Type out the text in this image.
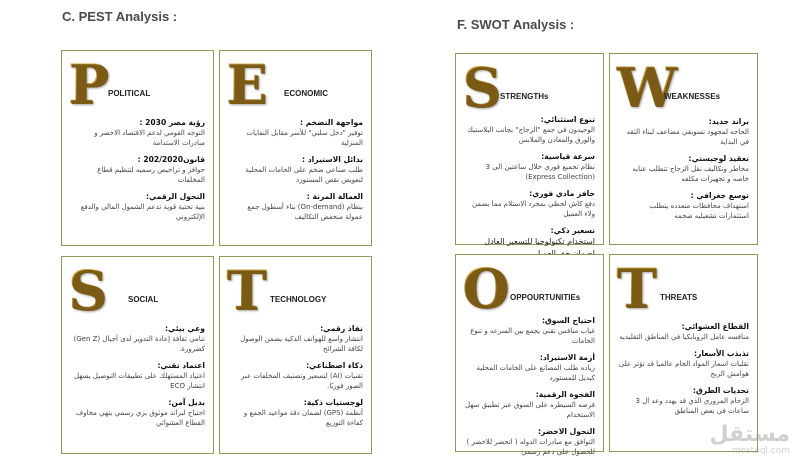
C. PEST Analysis :
F. SWOT Analysis :
P POLITICAL
رؤية مصر 2030 :
التوجه القومي لدعم الاقتصاد الاخضر و مبادرات الاستدامة
قانون202/2020 :
حوافز و تراخيص رسميه لتنظيم قطاع المخلفات
التحول الرقمي:
بنية تحتية قوية تدعم الشمول المالي والدفع الإلكتروني
E ECONOMIC
مواجهة التضخم :
توفير "دخل سلبي" للأسر مقابل النفايات المنزلية
بدائل الاستيراد :
طلب صناعي ضخم على الخامات المحلية لتعويض نقص المستورد
العمالة المرنة :
بنظام (On-demand) بناء أسطول جمع عمولة منخفض التكاليف
S	SOCIAL
وعي بيئي:
تنامي ثقافة إعادة التدوير لدى أجيال (Gen Z) كضرورة.
اعتماد تقني:
اعتياد المستهلك على تطبيقات التوصيل يسهل انتشار ECO
بديل آمن:
احتياج لبراند موثوق بزي رسمي ينهي مخاوف القطاع العشوائي
T TECHNOLOGY
نفاذ رقمي:
انتشار واسع للهواتف الذكية يضمن الوصول لكافة الشرائح
ذكاء اصطناعي:
تقنيات (AI) لتسعير وتصنيف المخلفات عبر الصور فوريًا.
لوجستيات ذكية:
أنظمة (GPS) لضمان دقة مواعيد الجمع و كفاءة التوزيع
S STRENGTHs
تنوع استثنائي:
الوحيدون في جمع "الزجاج" بجانب البلاستيك والورق والمعادن والملابس
سرعة قياسية:
نظام تجميع فوري خلال ساعتين الى 3 (Express Collection)
حافز مادي فوري:
دفع كاش لحظي بمجرد الاستلام مما يضمن ولاء العميل
تسعير ذكي:
استخدام تكنولوجيا للتسعير العادل
W
WEAKNESSEs
براند جديد:
الحاجه لمجهود تسويقي مضاعف لبناء الثقه في البداية
تعقيد لوجيستي:
مخاطر وتكاليف نقل الزجاج تتطلب عنايه خاصه و تجهيزات مكلفه
توسع جغرافي :
استهداف محافظات متعدده يتطلب استثمارات تشغيليه ضخمه
O OPPOURTUNITIEs
احتياج السوق:
غياب منافس تقني يجمع بين السرعه و تنوع الخامات
أزمة الاستيراد:
زياده طلب المصانع على الخامات المحلية كبديل للمستورد
الفجوة الرقمية:
فرصه السيطره على السوق عبر تطبيق سهل الاستخدام
التحول الاخضر:
التوافق مع مبادرات الدوله ( اتحضر للاخضر ) للحصول على دعم رسمي
T THREATS
القطاع العشوائي:
منافسه عامل الروبابكيا في المناطق التقليديه
تذبذب الأسعار:
تقلبات اسعار المواد الخام عالميا قد تؤثر على هوامش الربح
تحديات الطرق:
الزحام المروري الذي قد يهدد وعد ال 3 ساعات في بعض المناطق
مستقل
mostaql.com
